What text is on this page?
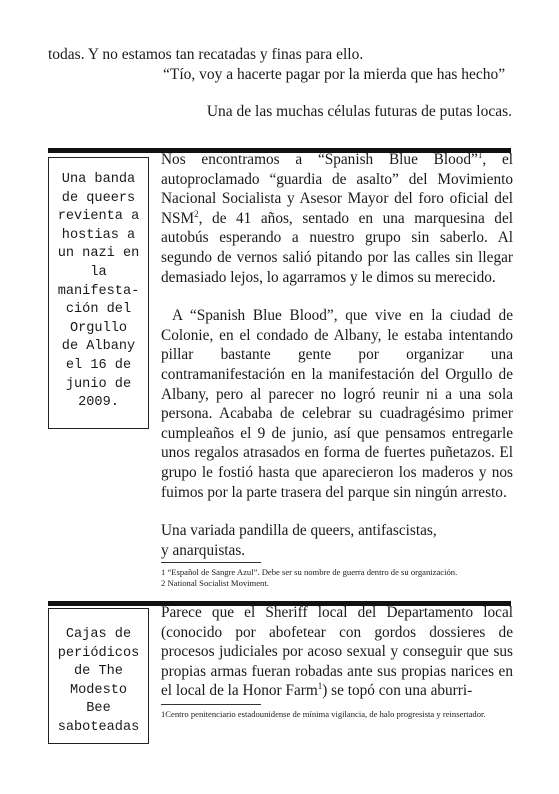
todas. Y no estamos tan recatadas y finas para ello.
“Tío, voy a hacerte pagar por la mierda que has hecho”
Una de las muchas células futuras de putas locas.
Una banda
de queers
revienta a
hostias a
un nazi en
la
manifesta-
ción del
Orgullo
de Albany
el 16 de
junio de
2009.

Nos encontramos a “Spanish Blue Blood”$^1$, el autoproclamado “guardia de asalto” del Movimiento Nacional Socialista y Asesor Mayor del foro oficial del NSM$^2$, de 41 años, sentado en una marquesina del autobús esperando a nuestro grupo sin saberlo. Al segundo de vernos salió pitando por las calles sin llegar demasiado lejos, lo agarramos y le dimos su merecido.

A “Spanish Blue Blood”, que vive en la ciudad de Colonie, en el condado de Albany, le estaba intentando pillar bastante gente por organizar una contramanifestación en la manifestación del Orgullo de Albany, pero al parecer no logró reunir ni a una sola persona. Acababa de celebrar su cuadragésimo primer cumpleaños el 9 de junio, así que pensamos entregarle unos regalos atrasados en forma de fuertes puñetazos. El grupo le fostió hasta que aparecieron los maderos y nos fuimos por la parte trasera del parque sin ningún arresto.

Una variada pandilla de queers, antifascistas,
y anarquistas.

1 “Español de Sangre Azul”. Debe ser su nombre de guerra dentro de su organización.

2 National Socialist Moviment.

Cajas de
periódicos
de The
Modesto
Bee
saboteadas

Parece que el Sheriff local del Departamento local (conocido por abofetear con gordos dossieres de procesos judiciales por acoso sexual y conseguir que sus propias armas fueran robadas ante sus propias narices en el local de la Honor Farm$^1$) se topó con una aburri-

1Centro penitenciario estadounidense de mínima vigilancia, de halo progresista y reinsertador.
